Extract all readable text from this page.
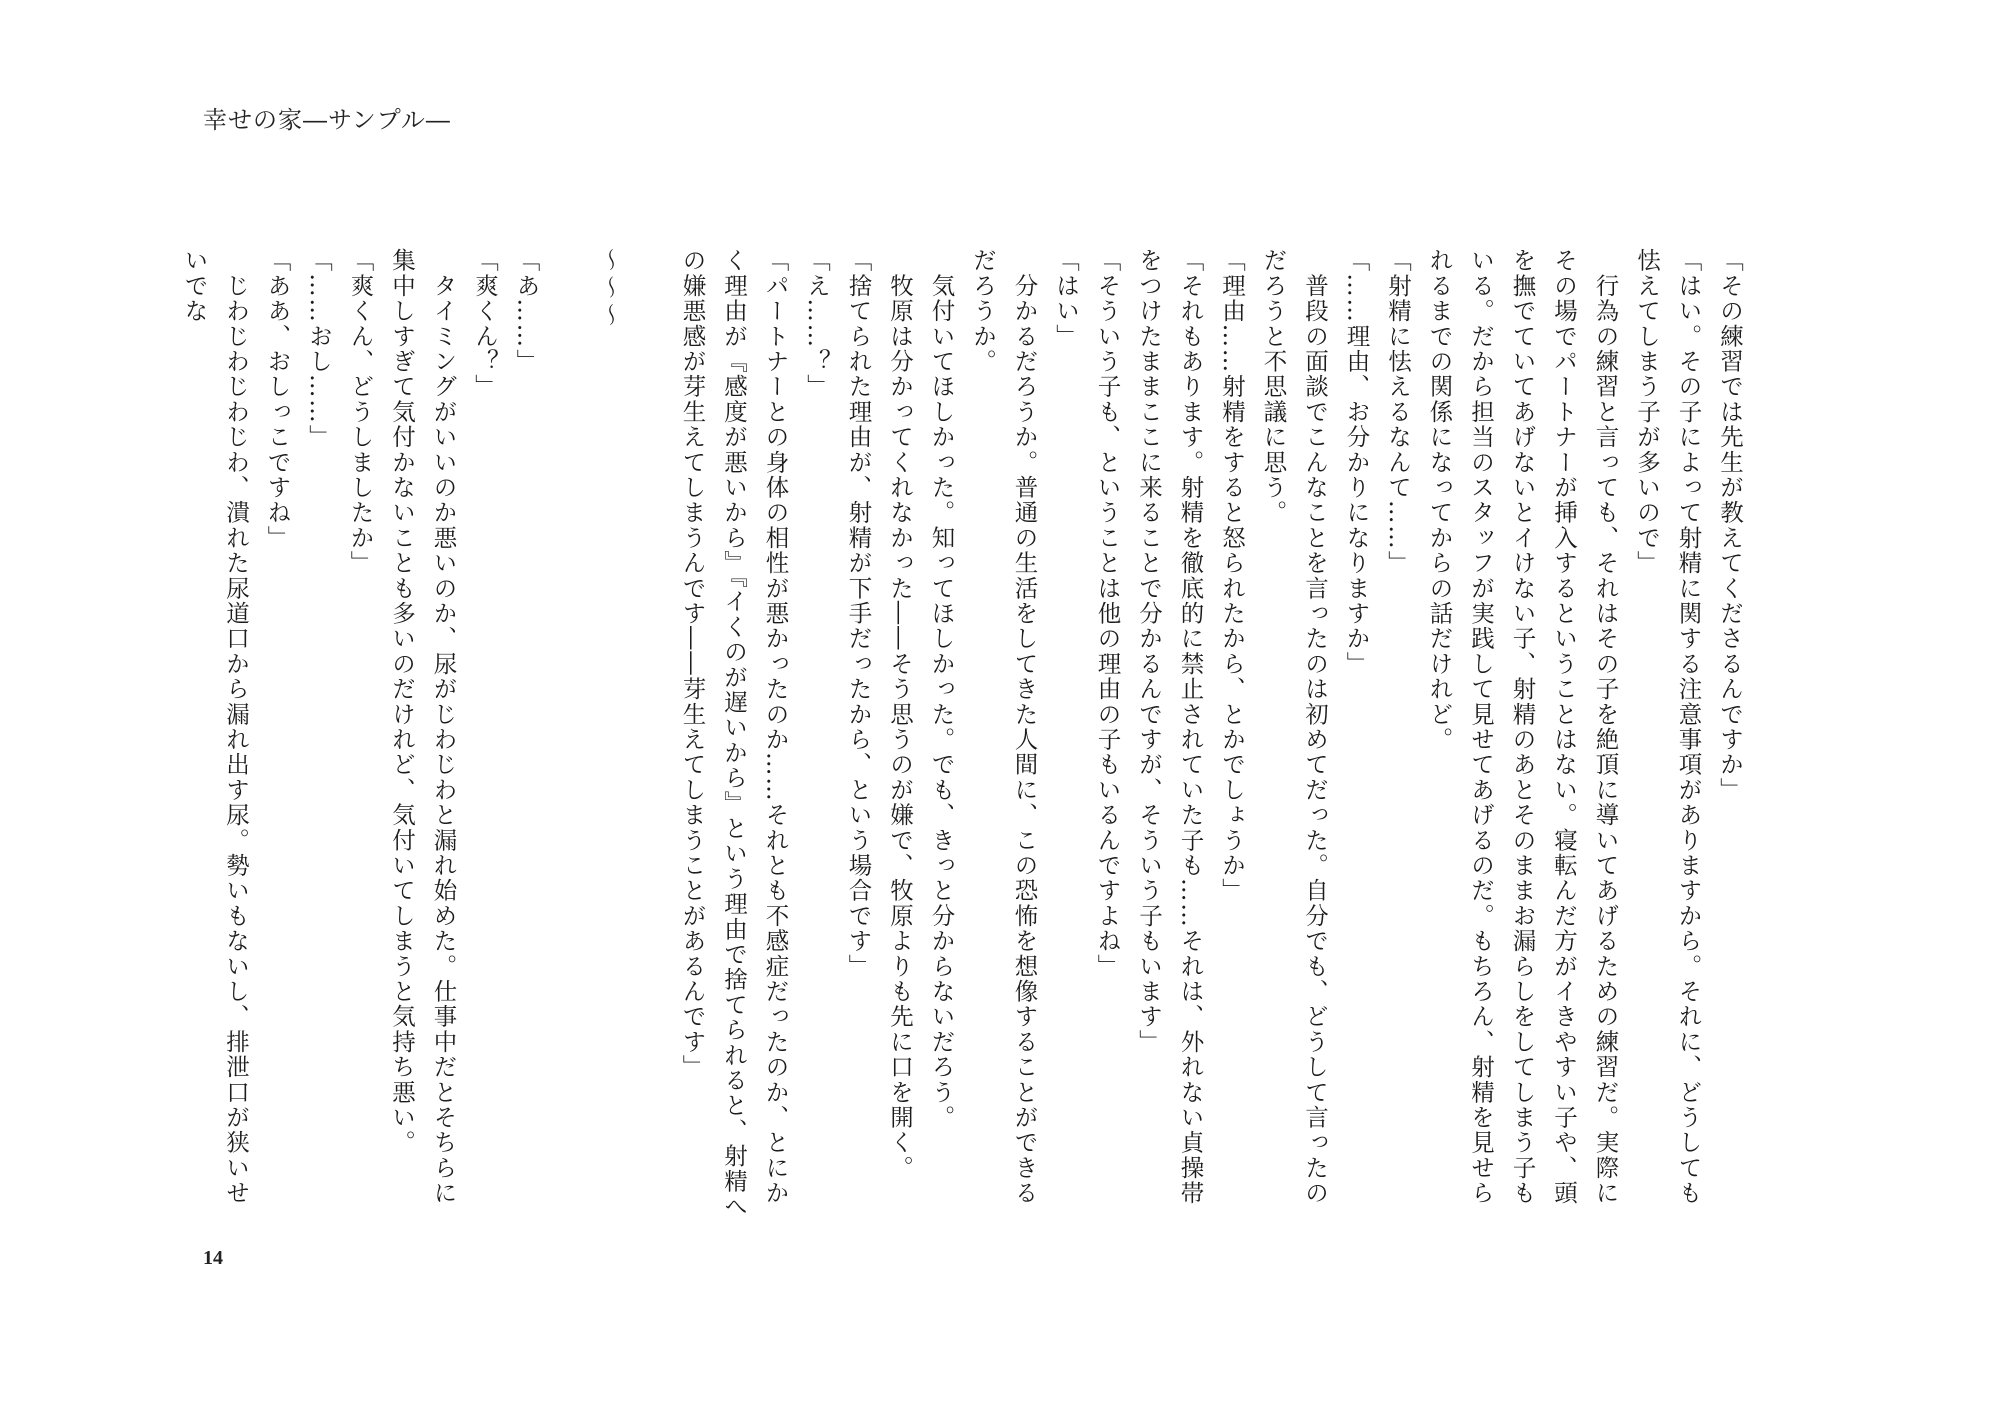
幸せの家―サンプル―

「その練習では先生が教えてくださるんですか」

「はい。その子によって射精に関する注意事項がありますから。それに、どうしても怯えてしまう子が多いので」

　行為の練習と言っても、それはその子を絶頂に導いてあげるための練習だ。実際にその場でパートナーが挿入するということはない。寝転んだ方がイきやすい子や、頭を撫でていてあげないとイけない子、射精のあとそのままお漏らしをしてしまう子もいる。だから担当のスタッフが実践して見せてあげるのだ。もちろん、射精を見せられるまでの関係になってからの話だけれど。

「射精に怯えるなんて……」

「……理由、お分かりになりますか」

　普段の面談でこんなことを言ったのは初めてだった。自分でも、どうして言ったのだろうと不思議に思う。

「理由……射精をすると怒られたから、とかでしょうか」

「それもあります。射精を徹底的に禁止されていた子も……それは、外れない貞操帯をつけたままここに来ることで分かるんですが、そういう子もいます」

「そういう子も、ということは他の理由の子もいるんですよね」

「はい」

　分かるだろうか。普通の生活をしてきた人間に、この恐怖を想像することができるだろうか。

　気付いてほしかった。知ってほしかった。でも、きっと分からないだろう。

　牧原は分かってくれなかった――そう思うのが嫌で、牧原よりも先に口を開く。

「捨てられた理由が、射精が下手だったから、という場合です」

「え……？」

「パートナーとの身体の相性が悪かったのか……それとも不感症だったのか、とにかく理由が『感度が悪いから』『イくのが遅いから』という理由で捨てられると、射精への嫌悪感が芽生えてしまうんです――芽生えてしまうことがあるんです」

～～～

「あ……」

「爽くん？」

　タイミングがいいのか悪いのか、尿がじわじわと漏れ始めた。仕事中だとそちらに集中しすぎて気付かないことも多いのだけれど、気付いてしまうと気持ち悪い。

「爽くん、どうしましたか」

「……おし……」

「ああ、おしっこですね」

　じわじわじわじわ、潰れた尿道口から漏れ出す尿。勢いもないし、排泄口が狭いせいでな

14
